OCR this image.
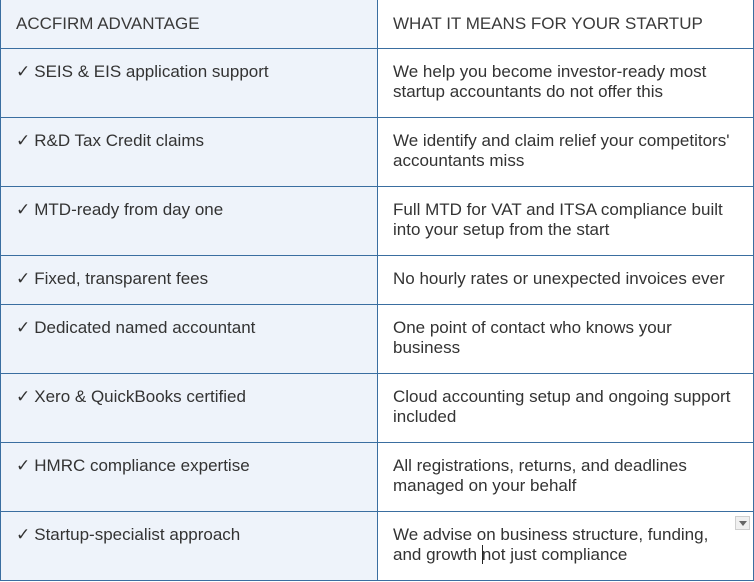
ACCFIRM ADVANTAGE	WHAT IT MEANS FOR YOUR STARTUP
✓ SEIS & EIS application support	We help you become investor-ready most startup accountants do not offer this
✓ R&D Tax Credit claims	We identify and claim relief your competitors' accountants miss
✓ MTD-ready from day one	Full MTD for VAT and ITSA compliance built into your setup from the start
✓ Fixed, transparent fees	No hourly rates or unexpected invoices ever
✓ Dedicated named accountant	One point of contact who knows your business
✓ Xero & QuickBooks certified	Cloud accounting setup and ongoing support included
✓ HMRC compliance expertise	All registrations, returns, and deadlines managed on your behalf
✓ Startup-specialist approach	We advise on business structure, funding, and growth not just compliance
